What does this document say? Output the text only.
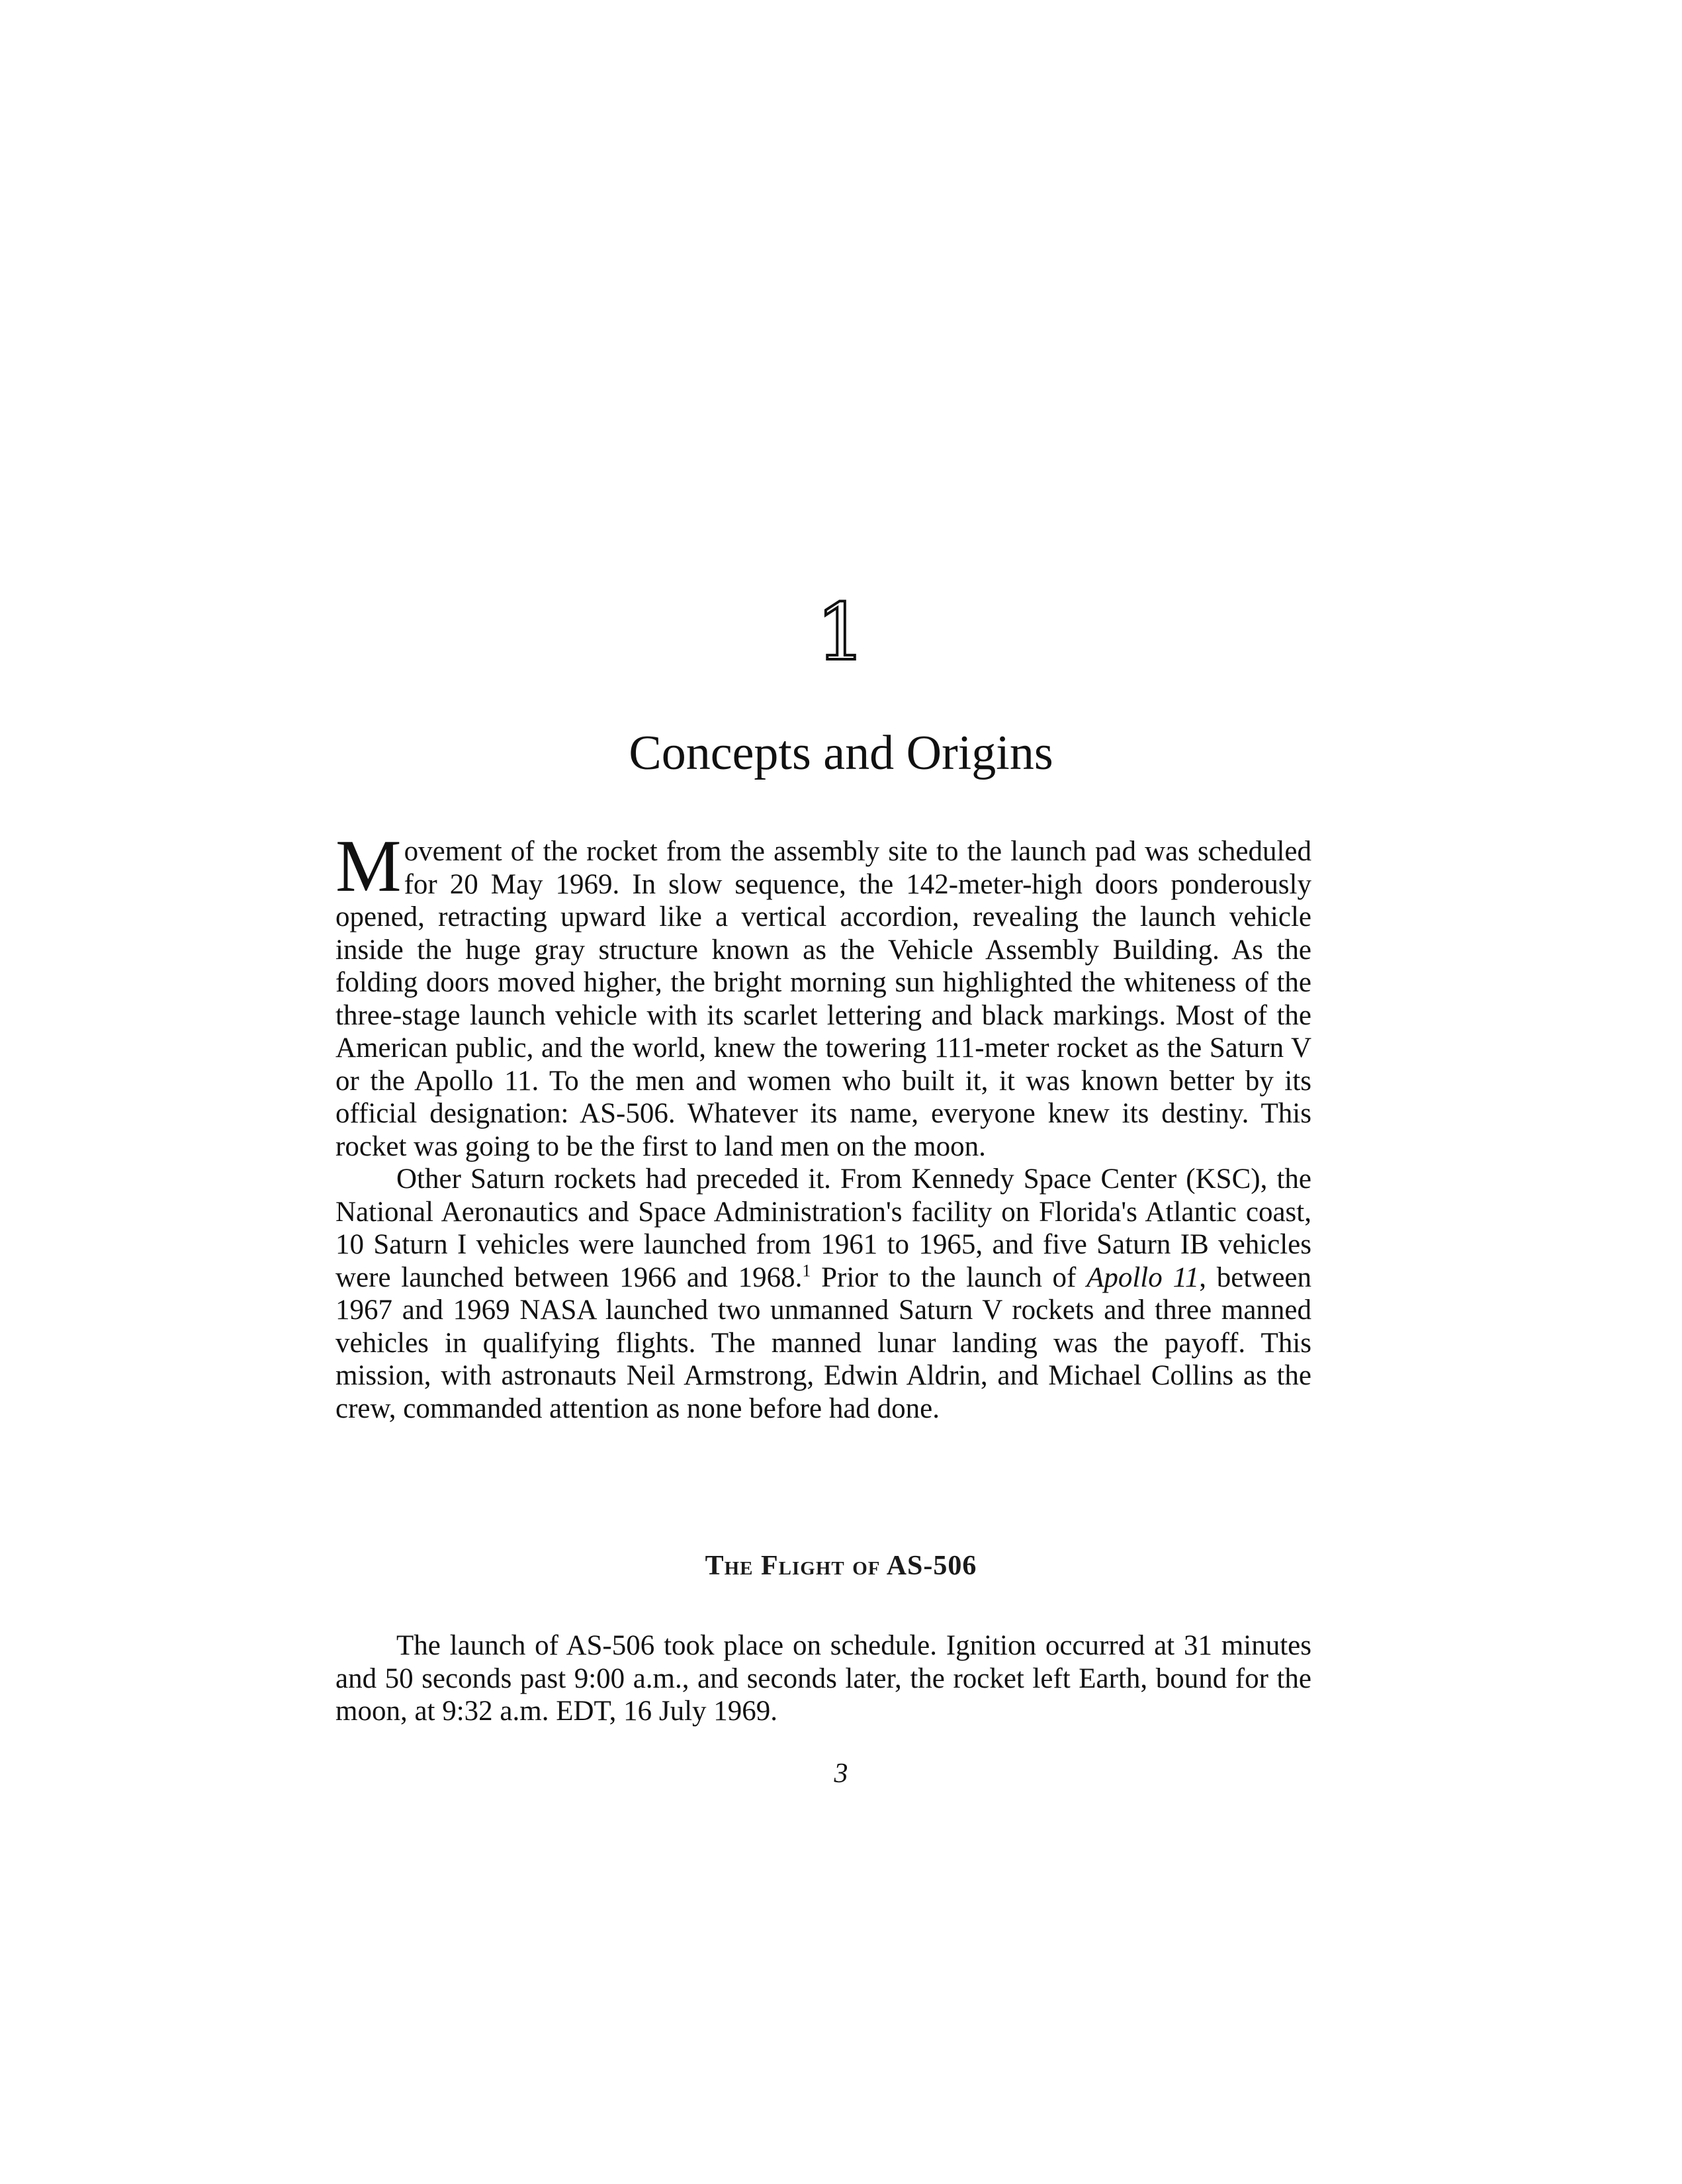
1
Concepts and Origins

Movement of the rocket from the assembly site to the launch pad was scheduled for 20 May 1969. In slow sequence, the 142-meter-high doors ponderously opened, retracting upward like a vertical accordion, revealing the launch vehicle inside the huge gray structure known as the Vehicle Assembly Building. As the folding doors moved higher, the bright morning sun highlighted the whiteness of the three-stage launch vehicle with its scarlet lettering and black markings. Most of the American public, and the world, knew the towering 111-meter rocket as the Saturn V or the Apollo 11. To the men and women who built it, it was known better by its official designation: AS-506. Whatever its name, everyone knew its destiny. This rocket was going to be the first to land men on the moon.

Other Saturn rockets had preceded it. From Kennedy Space Center (KSC), the National Aeronautics and Space Administration's facility on Florida's Atlantic coast, 10 Saturn I vehicles were launched from 1961 to 1965, and five Saturn IB vehicles were launched between 1966 and 1968.$^1$ Prior to the launch of Apollo 11, between 1967 and 1969 NASA launched two unmanned Saturn V rockets and three manned vehicles in qualifying flights. The manned lunar landing was the payoff. This mission, with astronauts Neil Armstrong, Edwin Aldrin, and Michael Collins as the crew, commanded attention as none before had done.

The Flight of AS-506

The launch of AS-506 took place on schedule. Ignition occurred at 31 minutes and 50 seconds past 9:00 a.m., and seconds later, the rocket left Earth, bound for the moon, at 9:32 a.m. EDT, 16 July 1969.

3
